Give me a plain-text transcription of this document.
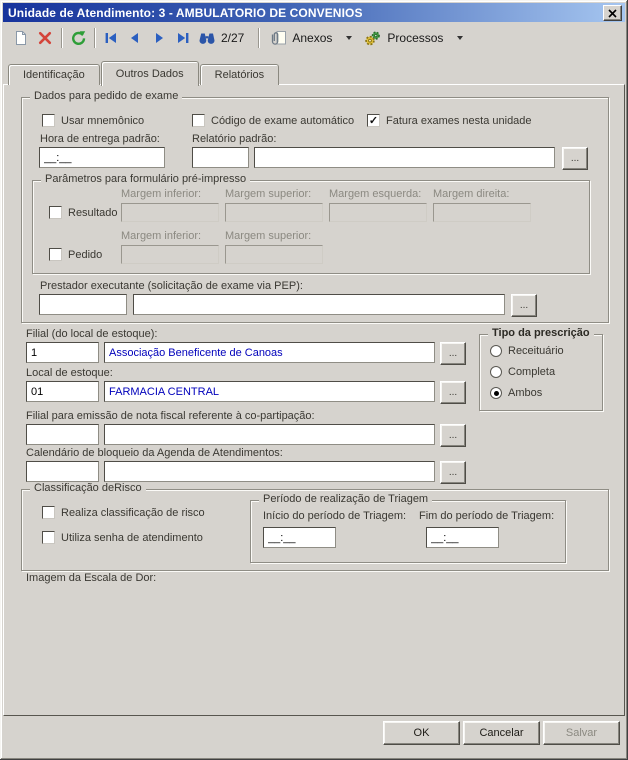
Unidade de Atendimento: 3 - AMBULATORIO DE CONVENIOS
2/27	Anexos	Processos
Identificação	Outros Dados	Relatórios
Dados para pedido de exame
Usar mnemônico	Código de exame automático ✓ Fatura exames nesta unidade
Hora de entrega padrão:	Relatório padrão:
__:__
...
Parâmetros para formulário pré-impresso
Margem inferior: Margem superior: Margem esquerda: Margem direita:
Resultado
Margem inferior: Margem superior:
Pedido
Prestador executante (solicitação de exame via PEP):
...
Filial (do local de estoque):
1
Associação Beneficente de Canoas
...
Local de estoque:
01
FARMACIA CENTRAL
...
Tipo da prescrição
Receituário
Completa
Ambos
Filial para emissão de nota fiscal referente à co-partipação:
...
Calendário de bloqueio da Agenda de Atendimentos:
...
Classificação deRisco
Realiza classificação de risco
Utiliza senha de atendimento
Período de realização de Triagem
Início do período de Triagem: Fim do período de Triagem:
__:__
__:__
Imagem da Escala de Dor:
OK	Cancelar	Salvar
